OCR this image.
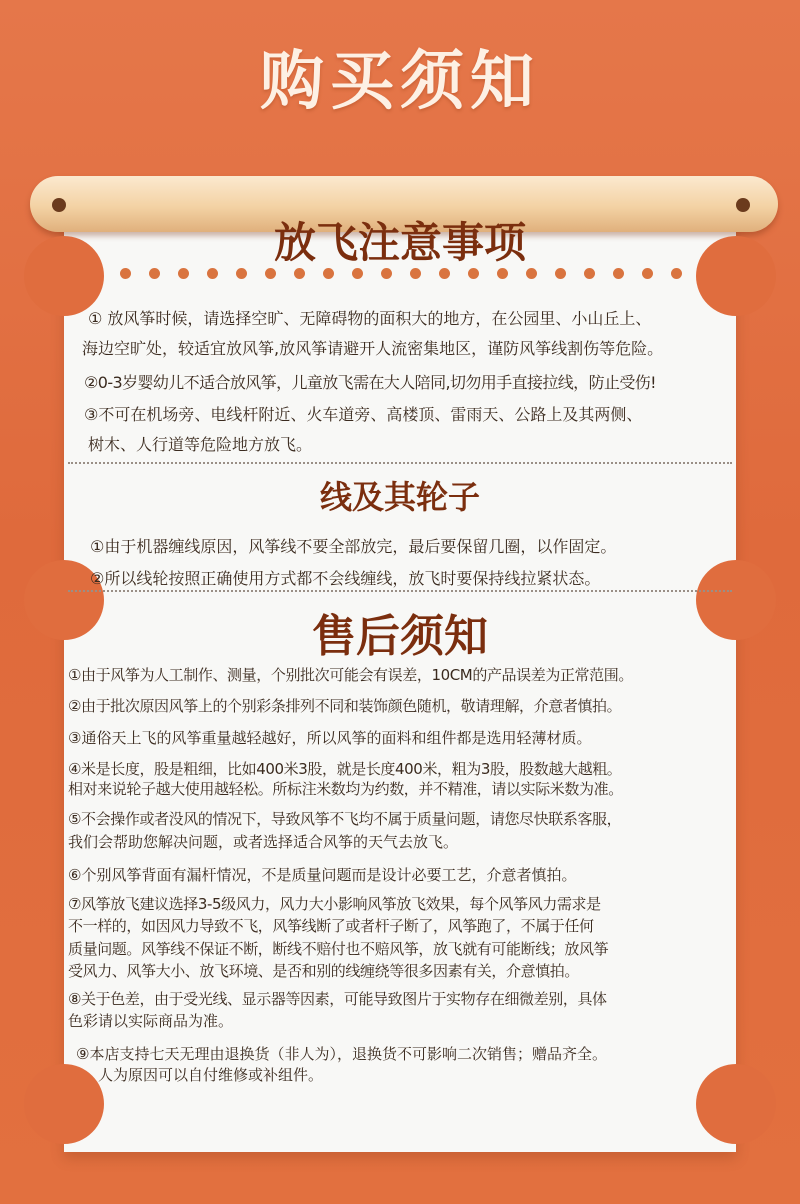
购买须知
放飞注意事项
① 放风筝时候，请选择空旷、无障碍物的面积大的地方，在公园里、小山丘上、
海边空旷处，较适宜放风筝,放风筝请避开人流密集地区，谨防风筝线割伤等危险。
②0-3岁婴幼儿不适合放风筝，儿童放飞需在大人陪同,切勿用手直接拉线，防止受伤!
③不可在机场旁、电线杆附近、火车道旁、高楼顶、雷雨天、公路上及其两侧、
树木、人行道等危险地方放飞。
线及其轮子
①由于机器缠线原因，风筝线不要全部放完，最后要保留几圈，以作固定。
②所以线轮按照正确使用方式都不会线缠线，放飞时要保持线拉紧状态。
售后须知
①由于风筝为人工制作、测量，个别批次可能会有误差，10CM的产品误差为正常范围。
②由于批次原因风筝上的个别彩条排列不同和装饰颜色随机，敬请理解，介意者慎拍。
③通俗天上飞的风筝重量越轻越好，所以风筝的面料和组件都是选用轻薄材质。
④米是长度，股是粗细，比如400米3股，就是长度400米，粗为3股，股数越大越粗。
相对来说轮子越大使用越轻松。所标注米数均为约数，并不精准，请以实际米数为准。
⑤不会操作或者没风的情况下，导致风筝不飞均不属于质量问题，请您尽快联系客服，
我们会帮助您解决问题，或者选择适合风筝的天气去放飞。
⑥个别风筝背面有漏杆情况，不是质量问题而是设计必要工艺，介意者慎拍。
⑦风筝放飞建议选择3-5级风力，风力大小影响风筝放飞效果，每个风筝风力需求是
不一样的，如因风力导致不飞，风筝线断了或者杆子断了，风筝跑了，不属于任何
质量问题。风筝线不保证不断，断线不赔付也不赔风筝，放飞就有可能断线；放风筝
受风力、风筝大小、放飞环境、是否和别的线缠绕等很多因素有关，介意慎拍。
⑧关于色差，由于受光线、显示器等因素，可能导致图片于实物存在细微差别，具体
色彩请以实际商品为准。
⑨本店支持七天无理由退换货（非人为），退换货不可影响二次销售；赠品齐全。
人为原因可以自付维修或补组件。
